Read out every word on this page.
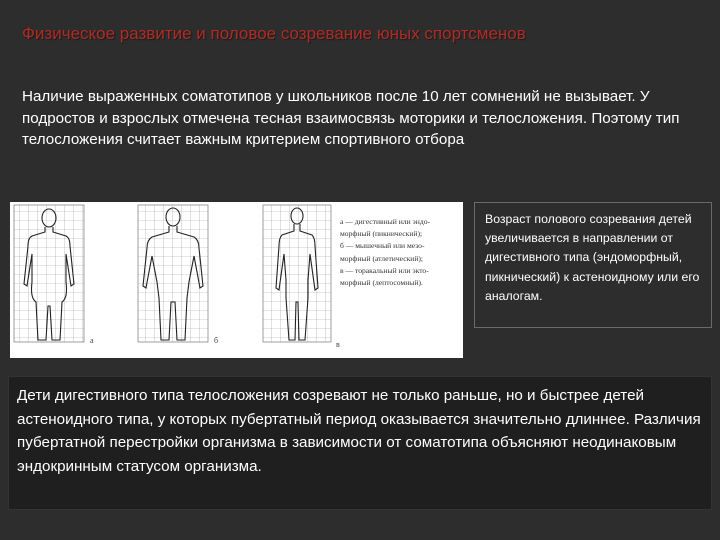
Физическое развитие и половое созревание юных спортсменов
Наличие выраженных соматотипов у школьников после 10 лет сомнений не вызывает. У подростов и взрослых отмечена тесная взаимосвязь моторики и телосложения. Поэтому тип телосложения считает важным критерием спортивного отбора
а	б	в
а — дигестивный или эндо-
морфный (пикнический);
б — мышечный или мезо-
морфный (атлетический);
в — торакальный или экто-
морфный (лептосомный).
Возраст полового созревания детей увеличивается в направлении от дигестивного типа (эндоморфный, пикнический) к астеноидному или его аналогам.
Дети дигестивного типа телосложения созревают не только раньше, но и быстрее детей астеноидного типа, у которых пубертатный период оказывается значительно длиннее. Различия пубертатной перестройки организма в зависимости от соматотипа объясняют неодинаковым эндокринным статусом организма.
